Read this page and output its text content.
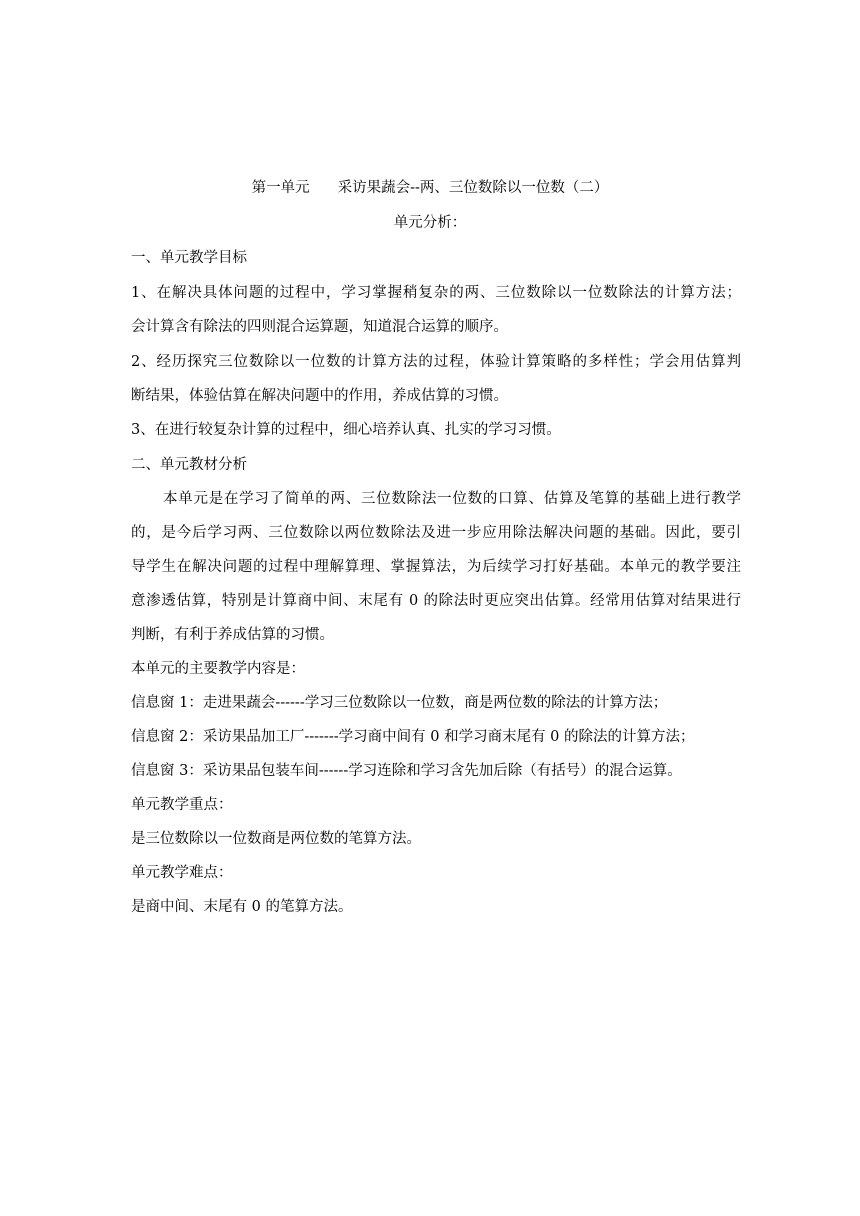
第一单元 采访果蔬会--两、三位数除以一位数（二）
单元分析：
一、单元教学目标
1、在解决具体问题的过程中，学习掌握稍复杂的两、三位数除以一位数除法的计算方法；
会计算含有除法的四则混合运算题，知道混合运算的顺序。
2、经历探究三位数除以一位数的计算方法的过程，体验计算策略的多样性；学会用估算判
断结果，体验估算在解决问题中的作用，养成估算的习惯。
3、在进行较复杂计算的过程中，细心培养认真、扎实的学习习惯。
二、单元教材分析
本单元是在学习了简单的两、三位数除法一位数的口算、估算及笔算的基础上进行教学
的，是今后学习两、三位数除以两位数除法及进一步应用除法解决问题的基础。因此，要引
导学生在解决问题的过程中理解算理、掌握算法，为后续学习打好基础。本单元的教学要注
意渗透估算，特别是计算商中间、末尾有 0 的除法时更应突出估算。经常用估算对结果进行
判断，有利于养成估算的习惯。
本单元的主要教学内容是：
信息窗 1：走进果蔬会------学习三位数除以一位数，商是两位数的除法的计算方法；
信息窗 2：采访果品加工厂-------学习商中间有 0 和学习商末尾有 0 的除法的计算方法；
信息窗 3：采访果品包装车间------学习连除和学习含先加后除（有括号）的混合运算。
单元教学重点：
是三位数除以一位数商是两位数的笔算方法。
单元教学难点：
是商中间、末尾有 0 的笔算方法。
